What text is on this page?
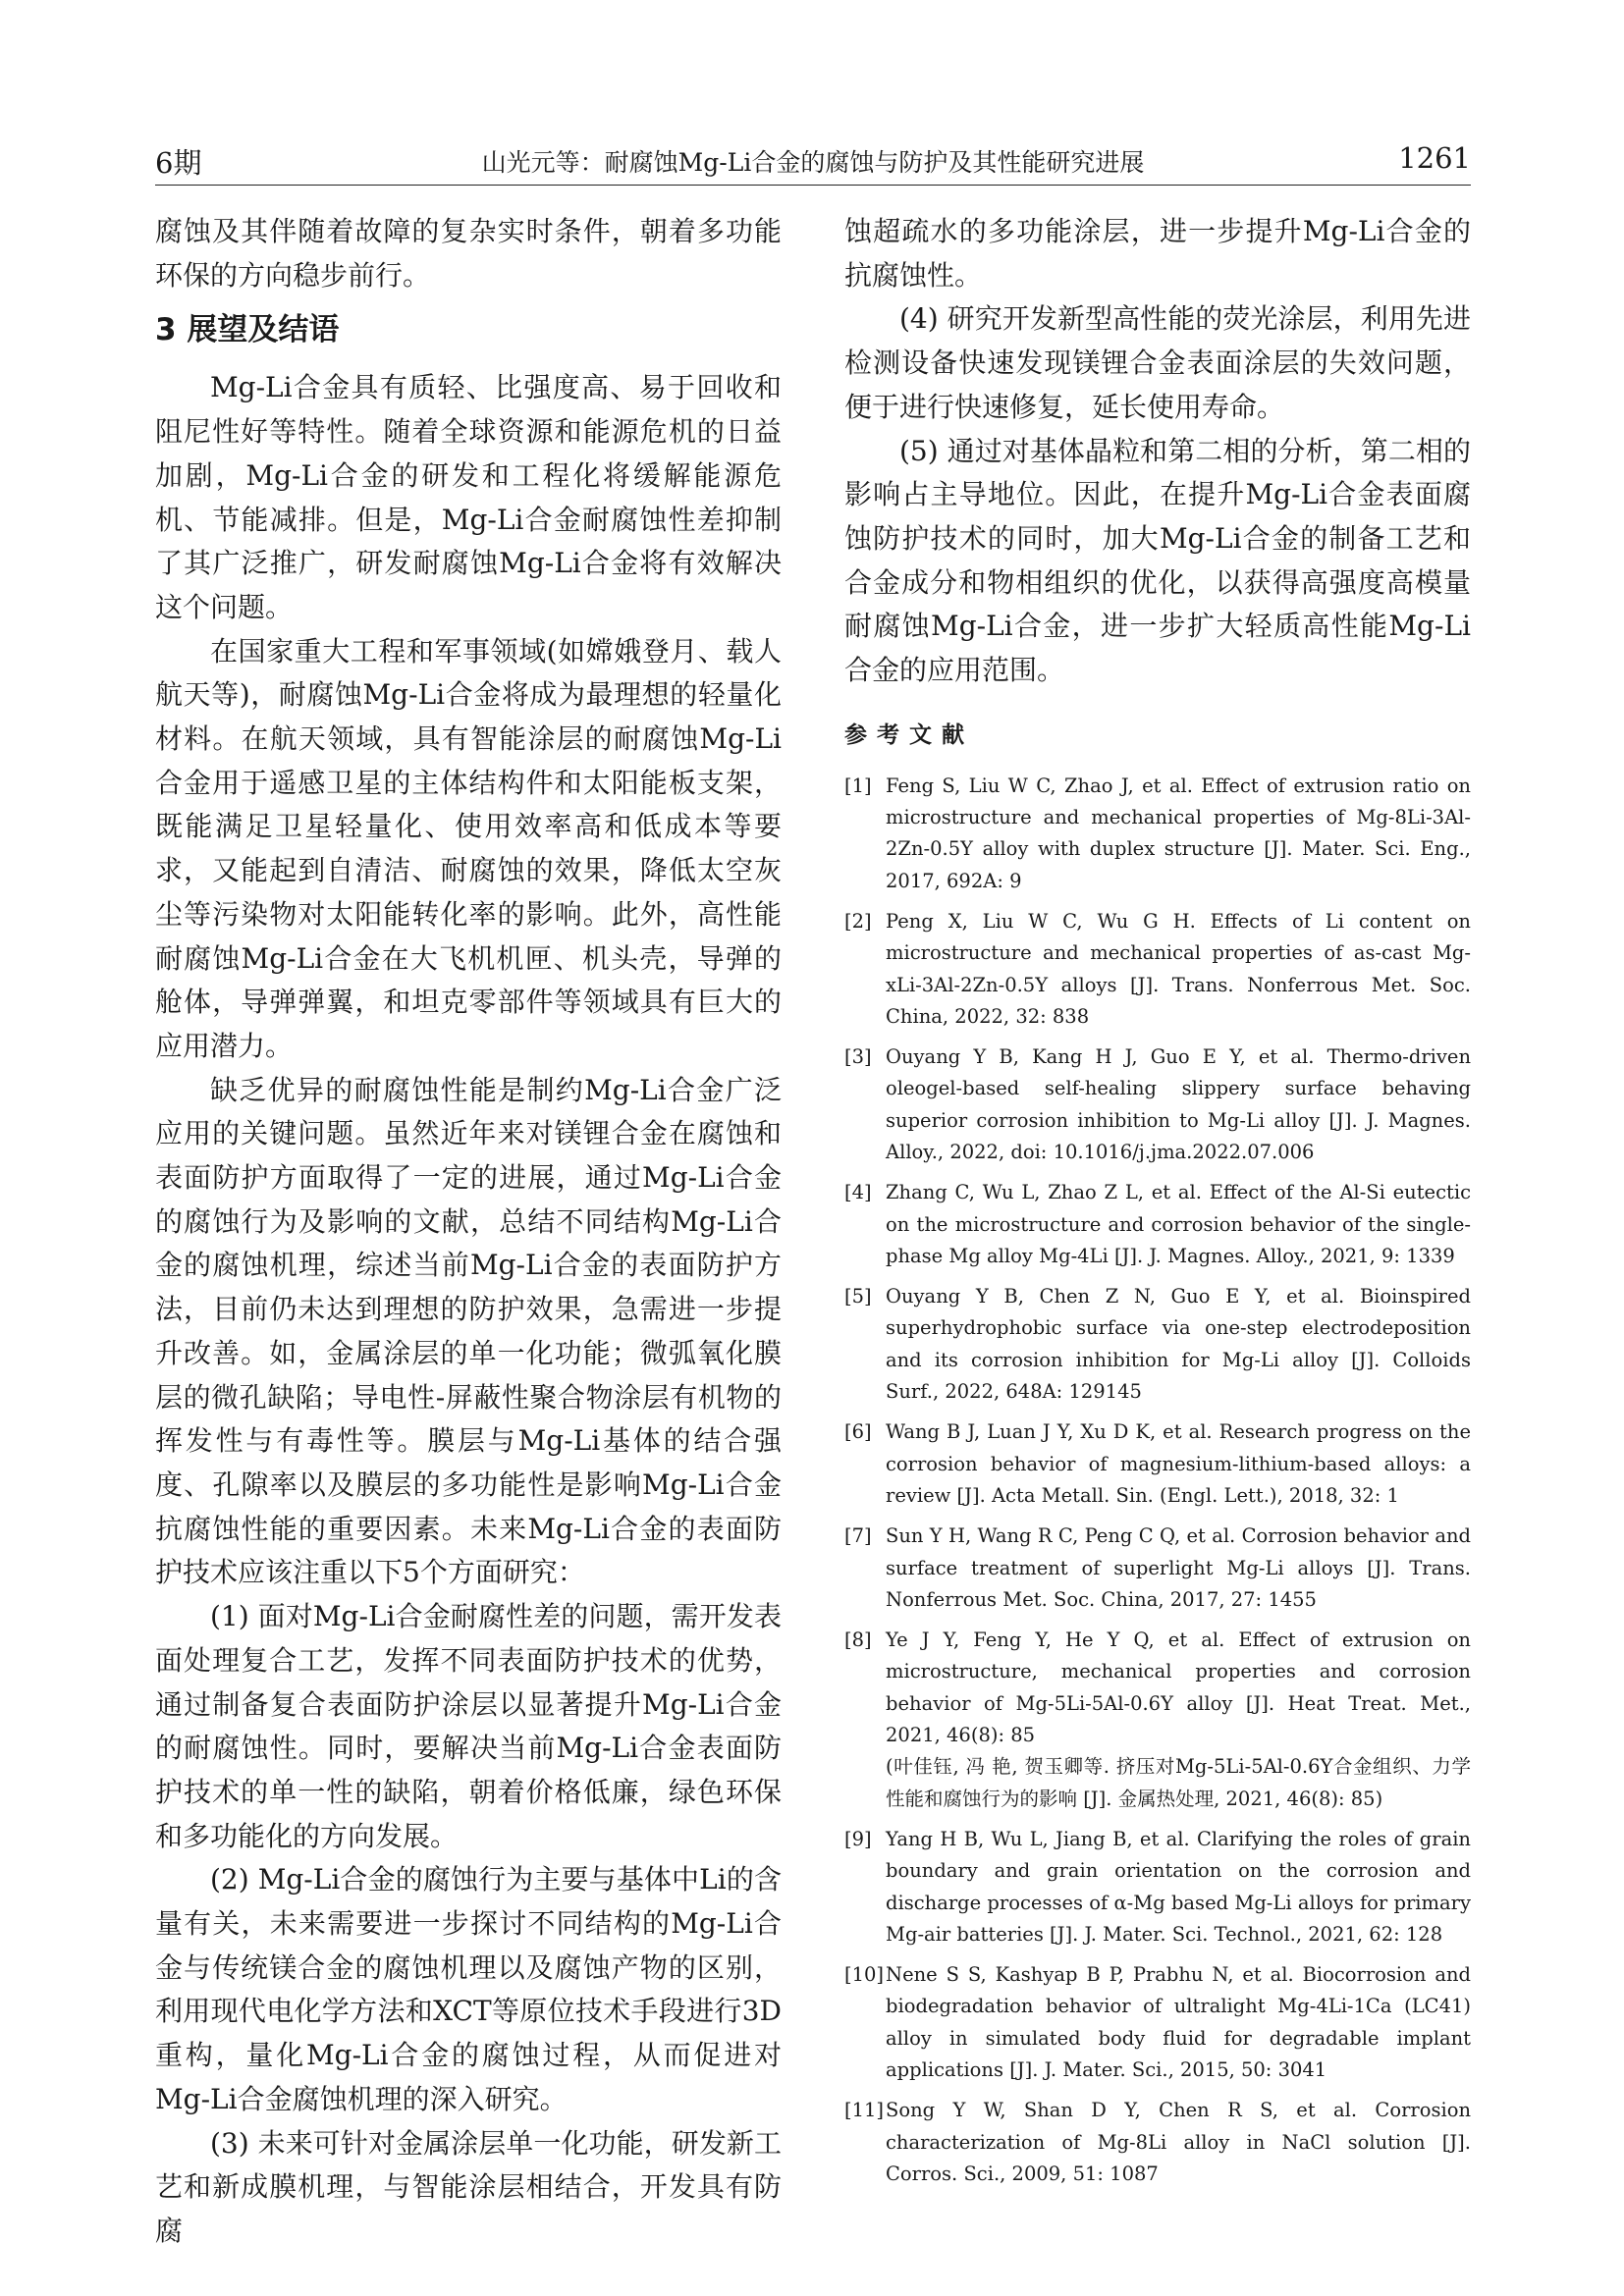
6期	山光元等：耐腐蚀Mg-Li合金的腐蚀与防护及其性能研究进展	1261

腐蚀及其伴随着故障的复杂实时条件，朝着多功能环保的方向稳步前行。

3 展望及结语

Mg-Li合金具有质轻、比强度高、易于回收和阻尼性好等特性。随着全球资源和能源危机的日益加剧，Mg-Li合金的研发和工程化将缓解能源危机、节能减排。但是，Mg-Li合金耐腐蚀性差抑制了其广泛推广，研发耐腐蚀Mg-Li合金将有效解决这个问题。

在国家重大工程和军事领域(如嫦娥登月、载人航天等)，耐腐蚀Mg-Li合金将成为最理想的轻量化材料。在航天领域，具有智能涂层的耐腐蚀Mg-Li合金用于遥感卫星的主体结构件和太阳能板支架，既能满足卫星轻量化、使用效率高和低成本等要求，又能起到自清洁、耐腐蚀的效果，降低太空灰尘等污染物对太阳能转化率的影响。此外，高性能耐腐蚀Mg-Li合金在大飞机机匣、机头壳，导弹的舱体，导弹弹翼，和坦克零部件等领域具有巨大的应用潜力。

缺乏优异的耐腐蚀性能是制约Mg-Li合金广泛应用的关键问题。虽然近年来对镁锂合金在腐蚀和表面防护方面取得了一定的进展，通过Mg-Li合金的腐蚀行为及影响的文献，总结不同结构Mg-Li合金的腐蚀机理，综述当前Mg-Li合金的表面防护方法，目前仍未达到理想的防护效果，急需进一步提升改善。如，金属涂层的单一化功能；微弧氧化膜层的微孔缺陷；导电性-屏蔽性聚合物涂层有机物的挥发性与有毒性等。膜层与Mg-Li基体的结合强度、孔隙率以及膜层的多功能性是影响Mg-Li合金抗腐蚀性能的重要因素。未来Mg-Li合金的表面防护技术应该注重以下5个方面研究：

(1) 面对Mg-Li合金耐腐性差的问题，需开发表面处理复合工艺，发挥不同表面防护技术的优势，通过制备复合表面防护涂层以显著提升Mg-Li合金的耐腐蚀性。同时，要解决当前Mg-Li合金表面防护技术的单一性的缺陷，朝着价格低廉，绿色环保和多功能化的方向发展。

(2) Mg-Li合金的腐蚀行为主要与基体中Li的含量有关，未来需要进一步探讨不同结构的Mg-Li合金与传统镁合金的腐蚀机理以及腐蚀产物的区别，利用现代电化学方法和XCT等原位技术手段进行3D重构，量化Mg-Li合金的腐蚀过程，从而促进对Mg-Li合金腐蚀机理的深入研究。

(3) 未来可针对金属涂层单一化功能，研发新工艺和新成膜机理，与智能涂层相结合，开发具有防腐

蚀超疏水的多功能涂层，进一步提升Mg-Li合金的抗腐蚀性。

(4) 研究开发新型高性能的荧光涂层，利用先进检测设备快速发现镁锂合金表面涂层的失效问题，便于进行快速修复，延长使用寿命。

(5) 通过对基体晶粒和第二相的分析，第二相的影响占主导地位。因此，在提升Mg-Li合金表面腐蚀防护技术的同时，加大Mg-Li合金的制备工艺和合金成分和物相组织的优化，以获得高强度高模量耐腐蚀Mg-Li合金，进一步扩大轻质高性能Mg-Li合金的应用范围。

参考文献
[1] Feng S, Liu W C, Zhao J, et al. Effect of extrusion ratio on microstructure and mechanical properties of Mg-8Li-3Al-2Zn-0.5Y alloy with duplex structure [J]. Mater. Sci. Eng., 2017, 692A: 9
[2] Peng X, Liu W C, Wu G H. Effects of Li content on microstructure and mechanical properties of as-cast Mg-xLi-3Al-2Zn-0.5Y alloys [J]. Trans. Nonferrous Met. Soc. China, 2022, 32: 838
[3] Ouyang Y B, Kang H J, Guo E Y, et al. Thermo-driven oleogel-based self-healing slippery surface behaving superior corrosion inhibition to Mg-Li alloy [J]. J. Magnes. Alloy., 2022, doi: 10.1016/j.jma.2022.07.006
[4] Zhang C, Wu L, Zhao Z L, et al. Effect of the Al-Si eutectic on the microstructure and corrosion behavior of the single-phase Mg alloy Mg-4Li [J]. J. Magnes. Alloy., 2021, 9: 1339
[5] Ouyang Y B, Chen Z N, Guo E Y, et al. Bioinspired superhydrophobic surface via one-step electrodeposition and its corrosion inhibition for Mg-Li alloy [J]. Colloids Surf., 2022, 648A: 129145
[6] Wang B J, Luan J Y, Xu D K, et al. Research progress on the corrosion behavior of magnesium-lithium-based alloys: a review [J]. Acta Metall. Sin. (Engl. Lett.), 2018, 32: 1
[7] Sun Y H, Wang R C, Peng C Q, et al. Corrosion behavior and surface treatment of superlight Mg-Li alloys [J]. Trans. Nonferrous Met. Soc. China, 2017, 27: 1455
[8] Ye J Y, Feng Y, He Y Q, et al. Effect of extrusion on microstructure, mechanical properties and corrosion behavior of Mg-5Li-5Al-0.6Y alloy [J]. Heat Treat. Met., 2021, 46(8): 85
(叶佳钰, 冯 艳, 贺玉卿等. 挤压对Mg-5Li-5Al-0.6Y合金组织、力学性能和腐蚀行为的影响 [J]. 金属热处理, 2021, 46(8): 85)
[9] Yang H B, Wu L, Jiang B, et al. Clarifying the roles of grain boundary and grain orientation on the corrosion and discharge processes of α-Mg based Mg-Li alloys for primary Mg-air batteries [J]. J. Mater. Sci. Technol., 2021, 62: 128
[10] Nene S S, Kashyap B P, Prabhu N, et al. Biocorrosion and biodegradation behavior of ultralight Mg-4Li-1Ca (LC41) alloy in simulated body fluid for degradable implant applications [J]. J. Mater. Sci., 2015, 50: 3041
[11] Song Y W, Shan D Y, Chen R S, et al. Corrosion characterization of Mg-8Li alloy in NaCl solution [J]. Corros. Sci., 2009, 51: 1087
